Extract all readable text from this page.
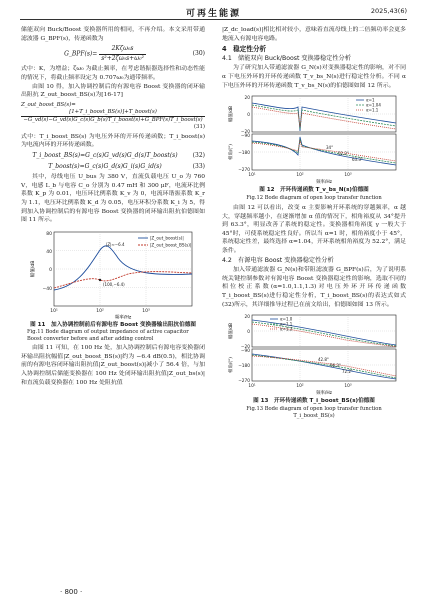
可再生能源	2025,43(6)

储能双向 Buck/Boost 变换器所用的相同，不再介绍。本文采用带通滤波器 G_BPF(s)，传递函数为

G_BPF(s)= $\frac{\text{2Kζω₀s}}{\text{s²+2ζω₀s+ω₀²}}$	(30)

式中：K，为增益；ζω₀ 为截止频率，在考虑谐振器选择性和动态性能的情况下，将截止频率设定为 0.707ω₀为通带频率。

由图 10 得，加入协调控制后的有源电容 Boost 变换器的闭环输出阻抗 Z_out_boost_BS(s)为[16-17]

Z_out_boost_BS(s)=
[1+T_i_boost_BS(s)]+T_boost(s)
−G_vd(s)−G_vd(s)G_c(s)G_b(s)T_i_boost(s)+G_BPF(s)T_i_boost(s)
(31)

式中：T_i_boost_BS(s) 为电压外环的开环传递函数；T_i_boost(s)为电流内环的开环传递函数。

T_i_boost_BS(s)=G_c(s)G_vd(s)G_d(s)T_boost(s)	(32)
T_boost(s)=G_c(s)G_d(s)G_i(s)G_id(s)	(33)

其中，母线电压 U_bus 为 380 V，直流负载电压 U_o 为 760 V，电感 L_b 与电容 C_o 分别为 0.47 mH 和 300 μF，电流环比例系数 K_p 为 0.01，电压环比例系数 K_v 为 0，电流环谐振系数 K_r 为 1.1，电压环比例系数 K_d 为 0.05，电压环积分系数 K_i 为 5，得到加入协调控制后的有源电容 Boost 变换器的闭环输出阻抗伯德图如图 11 所示。

80
40
0
−40
10¹	10²	10³
频率/Hz
幅值/dB
(100,−6.4)
|Z|≈−6.4
|Z_out_boost(s)|
|Z_out_boost_BS(s)|
图 11　加入协调控制前后有源电容 Boost 变换器输出阻抗伯德图
Fig.11 Bode diagram of output impedance of active capacitor Boost converter before and after adding control

由图 11 可知，在 100 Hz 处，加入协调控制后有源电容变换器闭环输出阻抗幅值|Z_out_boost_BS(s)|约为 −6.4 dB(0.5)，相比协调前的有源电容闭环输出阻抗值|Z_out_boost(s)|减小了 56.4 倍，与加入协调控制后储能变换器在 100 Hz 处闭环输出阻抗值|Z_out_bs(s)|和直流负载变换器在 100 Hz 处阻抗值

· 800 ·

|Z_dc_load(s)|相比相对较小，意味着直流母线上的二倍频功率会更多地流入有源电容电路。

4　稳定性分析
4.1　储能双向 Buck/Boost 变换器稳定性分析

为了研究加入带通滤波器 G_N(s)对变换器稳定性的影响，对不同 α 下电压外环的开环传递函数 T_v_bs_N(s)进行稳定性分析。不同 α 下电压外环的开环传递函数 T_v_bs_N(s)的伯德图如图 12 所示。

20
0
−20
−90
−180
−270
幅值/dB
相角/(°)	34°
52.2°
63.3°
α=1
α=1.04
α=1.1
10¹	10²	10³
频率/Hz
图 12　开环传递函数 T_v_bs_N(s)伯德图
Fig.12 Bode diagram of open loop transfer function

由图 12 可以看出，改变 α 主要影响开环系统的穿越频率，α 越大，穿越频率越小，在逐渐增加 α 值的情况下，相角裕度从 34°提升到 63.3°，明显改善了系统的稳定性。变换器相角裕度 γ 一般大于 45°时，可使系统稳定性良好。所以当 α=1 时，相角裕度小于 45°，系统稳定性差，最终选择 α=1.04，开环系统相角裕度为 52.2°，满足条件。

4.2　有源电容 Boost 变换器稳定性分析

加入带通滤波器 G_N(s)和带阻滤波器 G_BPF(s)后，为了说明系统关键控制参数对有源电容 Boost 变换器稳定性的影响，选取不同的相位校正系数(α=1.0,1.1,1.3)对电压外环开环传递函数 T_i_boost_BS(s)进行稳定性分析，T_i_boost_BS(s)的表达式如式(32)所示，其详细推导过程已在前文给出，伯德图如图 13 所示。

20
0
−20
−90
−180
−270
幅值/dB
相角/(°)	42.8°
56.3°
72.2°
α=1.0
α=1.1
α=1.3
10¹	10²	10³
频率/Hz
图 13　开环传递函数 T_i_boost_BS(s)伯德图
Fig.13 Bode diagram of open loop transfer function
T_i_boost_BS(s)
